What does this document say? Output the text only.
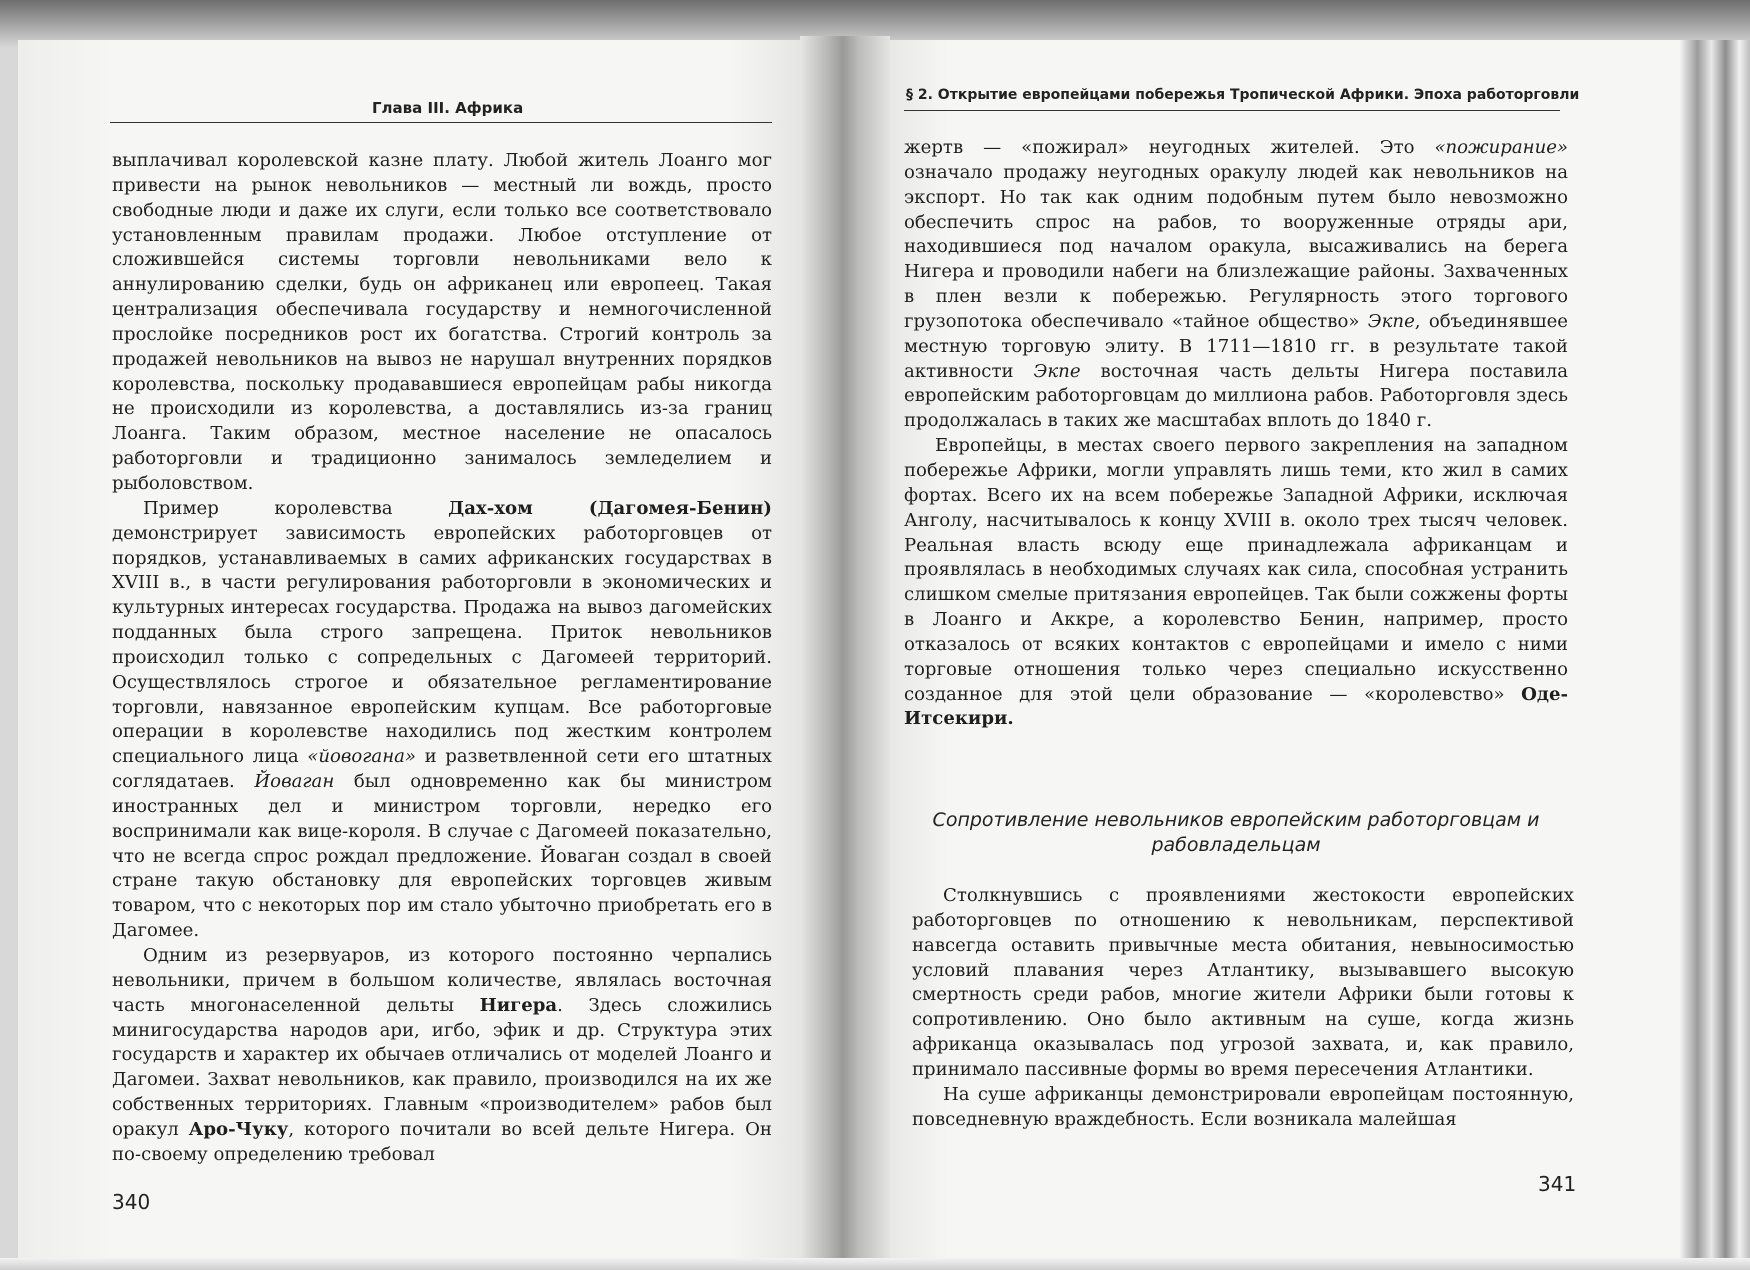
Глава III. Африка

выплачивал королевской казне плату. Любой житель Лоанго мог привести на рынок невольников — местный ли вождь, просто свободные люди и даже их слуги, если только все соответствовало установленным правилам продажи. Любое отступление от сложившейся системы торговли невольниками вело к аннулированию сделки, будь он африканец или европеец. Такая централизация обеспечивала государству и немногочисленной прослойке посредников рост их богатства. Строгий контроль за продажей невольников на вывоз не нарушал внутренних порядков королевства, поскольку продававшиеся европейцам рабы никогда не происходили из королевства, а доставлялись из-за границ Лоанга. Таким образом, местное население не опасалось работорговли и традиционно занималось земледелием и рыболовством.

Пример королевства Дах-хом (Дагомея-Бенин) демонстрирует зависимость европейских работорговцев от порядков, устанавливаемых в самих африканских государствах в XVIII в., в части регулирования работорговли в экономических и культурных интересах государства. Продажа на вывоз дагомейских подданных была строго запрещена. Приток невольников происходил только с сопредельных с Дагомеей территорий. Осуществлялось строгое и обязательное регламентирование торговли, навязанное европейским купцам. Все работорговые операции в королевстве находились под жестким контролем специального лица «йовогана» и разветвленной сети его штатных соглядатаев. Йоваган был одновременно как бы министром иностранных дел и министром торговли, нередко его воспринимали как вице-короля. В случае с Дагомеей показательно, что не всегда спрос рождал предложение. Йоваган создал в своей стране такую обстановку для европейских торговцев живым товаром, что с некоторых пор им стало убыточно приобретать его в Дагомее.

Одним из резервуаров, из которого постоянно черпались невольники, причем в большом количестве, являлась восточная часть многонаселенной дельты Нигера. Здесь сложились минигосударства народов ари, игбо, эфик и др. Структура этих государств и характер их обычаев отличались от моделей Лоанго и Дагомеи. Захват невольников, как правило, производился на их же собственных территориях. Главным «производителем» рабов был оракул Аро-Чуку, которого почитали во всей дельте Нигера. Он по-своему определению требовал

340
§ 2. Открытие европейцами побережья Тропической Африки. Эпоха работорговли

жертв — «пожирал» неугодных жителей. Это «пожирание» означало продажу неугодных оракулу людей как невольников на экспорт. Но так как одним подобным путем было невозможно обеспечить спрос на рабов, то вооруженные отряды ари, находившиеся под началом оракула, высаживались на берега Нигера и проводили набеги на близлежащие районы. Захваченных в плен везли к побережью. Регулярность этого торгового грузопотока обеспечивало «тайное общество» Экпе, объединявшее местную торговую элиту. В 1711—1810 гг. в результате такой активности Экпе восточная часть дельты Нигера поставила европейским работорговцам до миллиона рабов. Работорговля здесь продолжалась в таких же масштабах вплоть до 1840 г.

Европейцы, в местах своего первого закрепления на западном побережье Африки, могли управлять лишь теми, кто жил в самих фортах. Всего их на всем побережье Западной Африки, исключая Анголу, насчитывалось к концу XVIII в. около трех тысяч человек. Реальная власть всюду еще принадлежала африканцам и проявлялась в необходимых случаях как сила, способная устранить слишком смелые притязания европейцев. Так были сожжены форты в Лоанго и Аккре, а королевство Бенин, например, просто отказалось от всяких контактов с европейцами и имело с ними торговые отношения только через специально искусственно созданное для этой цели образование — «королевство» Оде-Итсекири.

Сопротивление невольников европейским работорговцам и рабовладельцам

Столкнувшись с проявлениями жестокости европейских работорговцев по отношению к невольникам, перспективой навсегда оставить привычные места обитания, невыносимостью условий плавания через Атлантику, вызывавшего высокую смертность среди рабов, многие жители Африки были готовы к сопротивлению. Оно было активным на суше, когда жизнь африканца оказывалась под угрозой захвата, и, как правило, принимало пассивные формы во время пересечения Атлантики.

На суше африканцы демонстрировали европейцам постоянную, повседневную враждебность. Если возникала малейшая

341
